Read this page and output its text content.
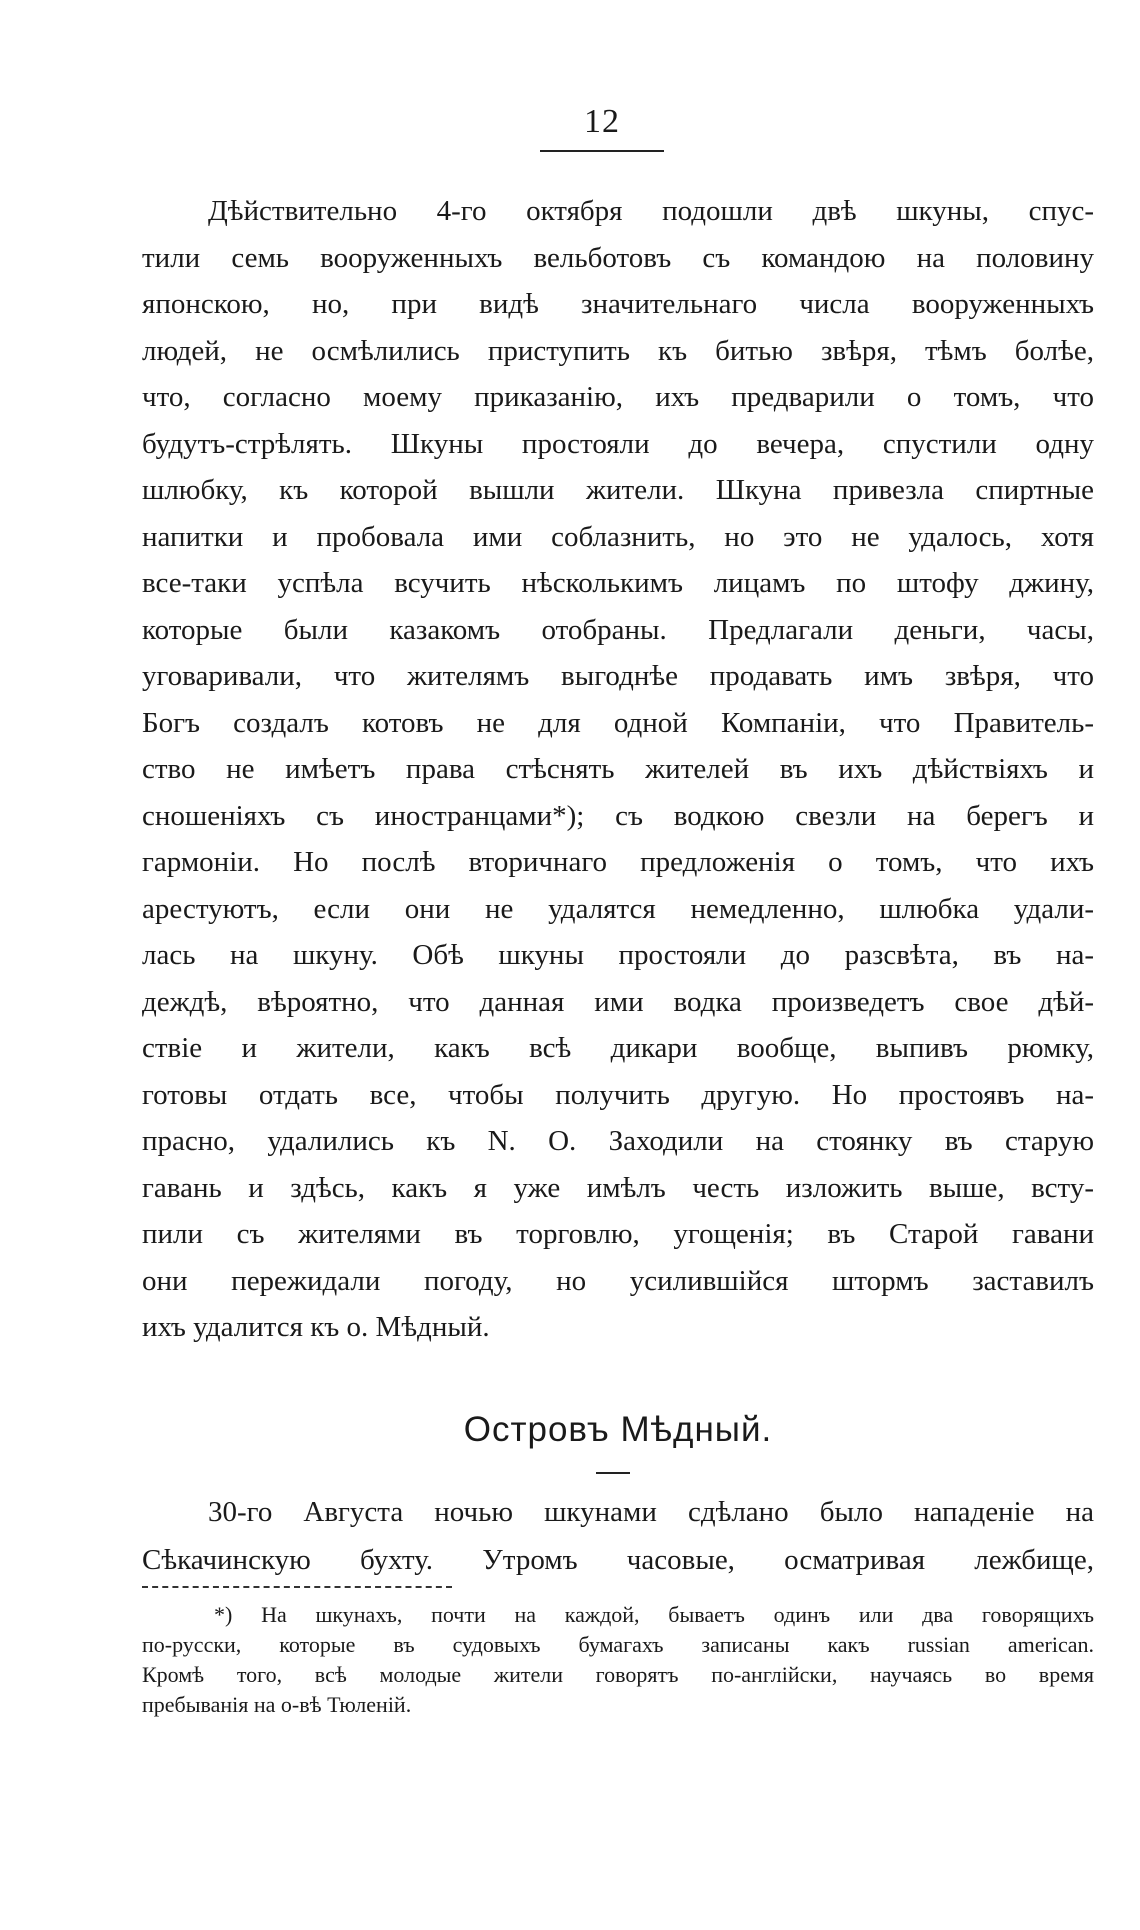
12
Дѣйствительно 4-го октября подошли двѣ шкуны, спус-
тили семь вооруженныхъ вельботовъ съ командою на половину
японскою, но, при видѣ значительнаго числа вооруженныхъ
людей, не осмѣлились приступить къ битью звѣря, тѣмъ болѣе,
что, согласно моему приказанію, ихъ предварили о томъ, что
будутъ-стрѣлять. Шкуны простояли до вечера, спустили одну
шлюбку, къ которой вышли жители. Шкуна привезла спиртные
напитки и пробовала ими соблазнить, но это не удалось, хотя
все-таки успѣла всучить нѣсколькимъ лицамъ по штофу джину,
которые были казакомъ отобраны. Предлагали деньги, часы,
уговаривали, что жителямъ выгоднѣе продавать имъ звѣря, что
Богъ создалъ котовъ не для одной Компаніи, что Правитель-
ство не имѣетъ права стѣснять жителей въ ихъ дѣйствіяхъ и
сношеніяхъ съ иностранцами*); съ водкою свезли на берегъ и
гармоніи. Но послѣ вторичнаго предложенія о томъ, что ихъ
арестуютъ, если они не удалятся немедленно, шлюбка удали-
лась на шкуну. Обѣ шкуны простояли до разсвѣта, въ на-
деждѣ, вѣроятно, что данная ими водка произведетъ свое дѣй-
ствіе и жители, какъ всѣ дикари вообще, выпивъ рюмку,
готовы отдать все, чтобы получить другую. Но простоявъ на-
прасно, удалились къ N. O. Заходили на стоянку въ старую
гавань и здѣсь, какъ я уже имѣлъ честь изложить выше, всту-
пили съ жителями въ торговлю, угощенія; въ Старой гавани
они пережидали погоду, но усилившійся штормъ заставилъ
ихъ удалится къ о. Мѣдный.
Островъ Мѣдный.
30-го Августа ночью шкунами сдѣлано было нападеніе на
Сѣкачинскую бухту. Утромъ часовые, осматривая лежбище,
*) На шкунахъ, почти на каждой, бываетъ одинъ или два говорящихъ
по-русски, которые въ судовыхъ бумагахъ записаны какъ russian american.
Кромѣ того, всѣ молодые жители говорятъ по-англійски, научаясь во время
пребыванія на о-вѣ Тюленій.
